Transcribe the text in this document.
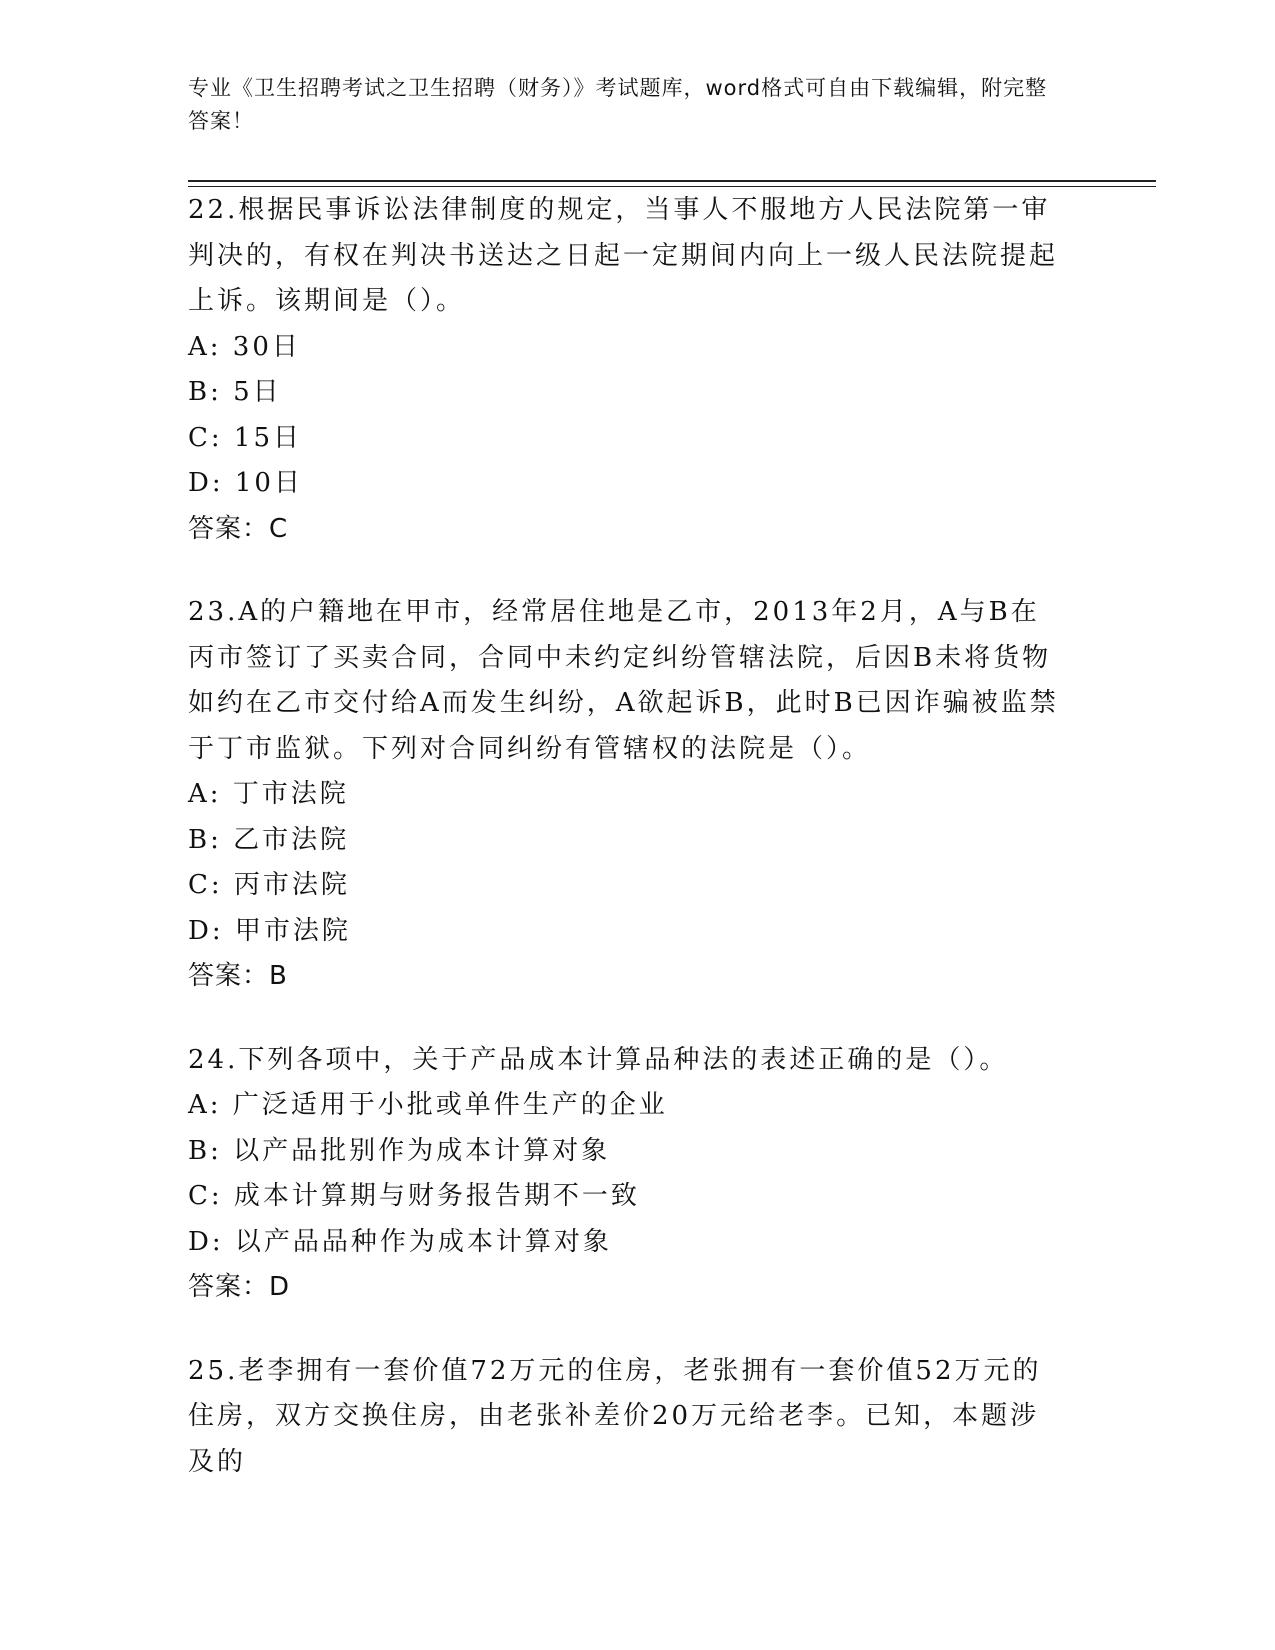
专业《卫生招聘考试之卫生招聘（财务）》考试题库，word格式可自由下载编辑，附完整答案！

22.根据民事诉讼法律制度的规定，当事人不服地方人民法院第一审判决的，有权在判决书送达之日起一定期间内向上一级人民法院提起上诉。该期间是（）。

A: 30日

B: 5日

C: 15日

D: 10日

答案：C

23.A的户籍地在甲市，经常居住地是乙市，2013年2月，A与B在丙市签订了买卖合同，合同中未约定纠纷管辖法院，后因B未将货物如约在乙市交付给A而发生纠纷，A欲起诉B，此时B已因诈骗被监禁于丁市监狱。下列对合同纠纷有管辖权的法院是（）。

A: 丁市法院

B: 乙市法院

C: 丙市法院

D: 甲市法院

答案：B

24.下列各项中，关于产品成本计算品种法的表述正确的是（）。

A: 广泛适用于小批或单件生产的企业

B: 以产品批别作为成本计算对象

C: 成本计算期与财务报告期不一致

D: 以产品品种作为成本计算对象

答案：D

25.老李拥有一套价值72万元的住房，老张拥有一套价值52万元的住房，双方交换住房，由老张补差价20万元给老李。已知，本题涉及的
